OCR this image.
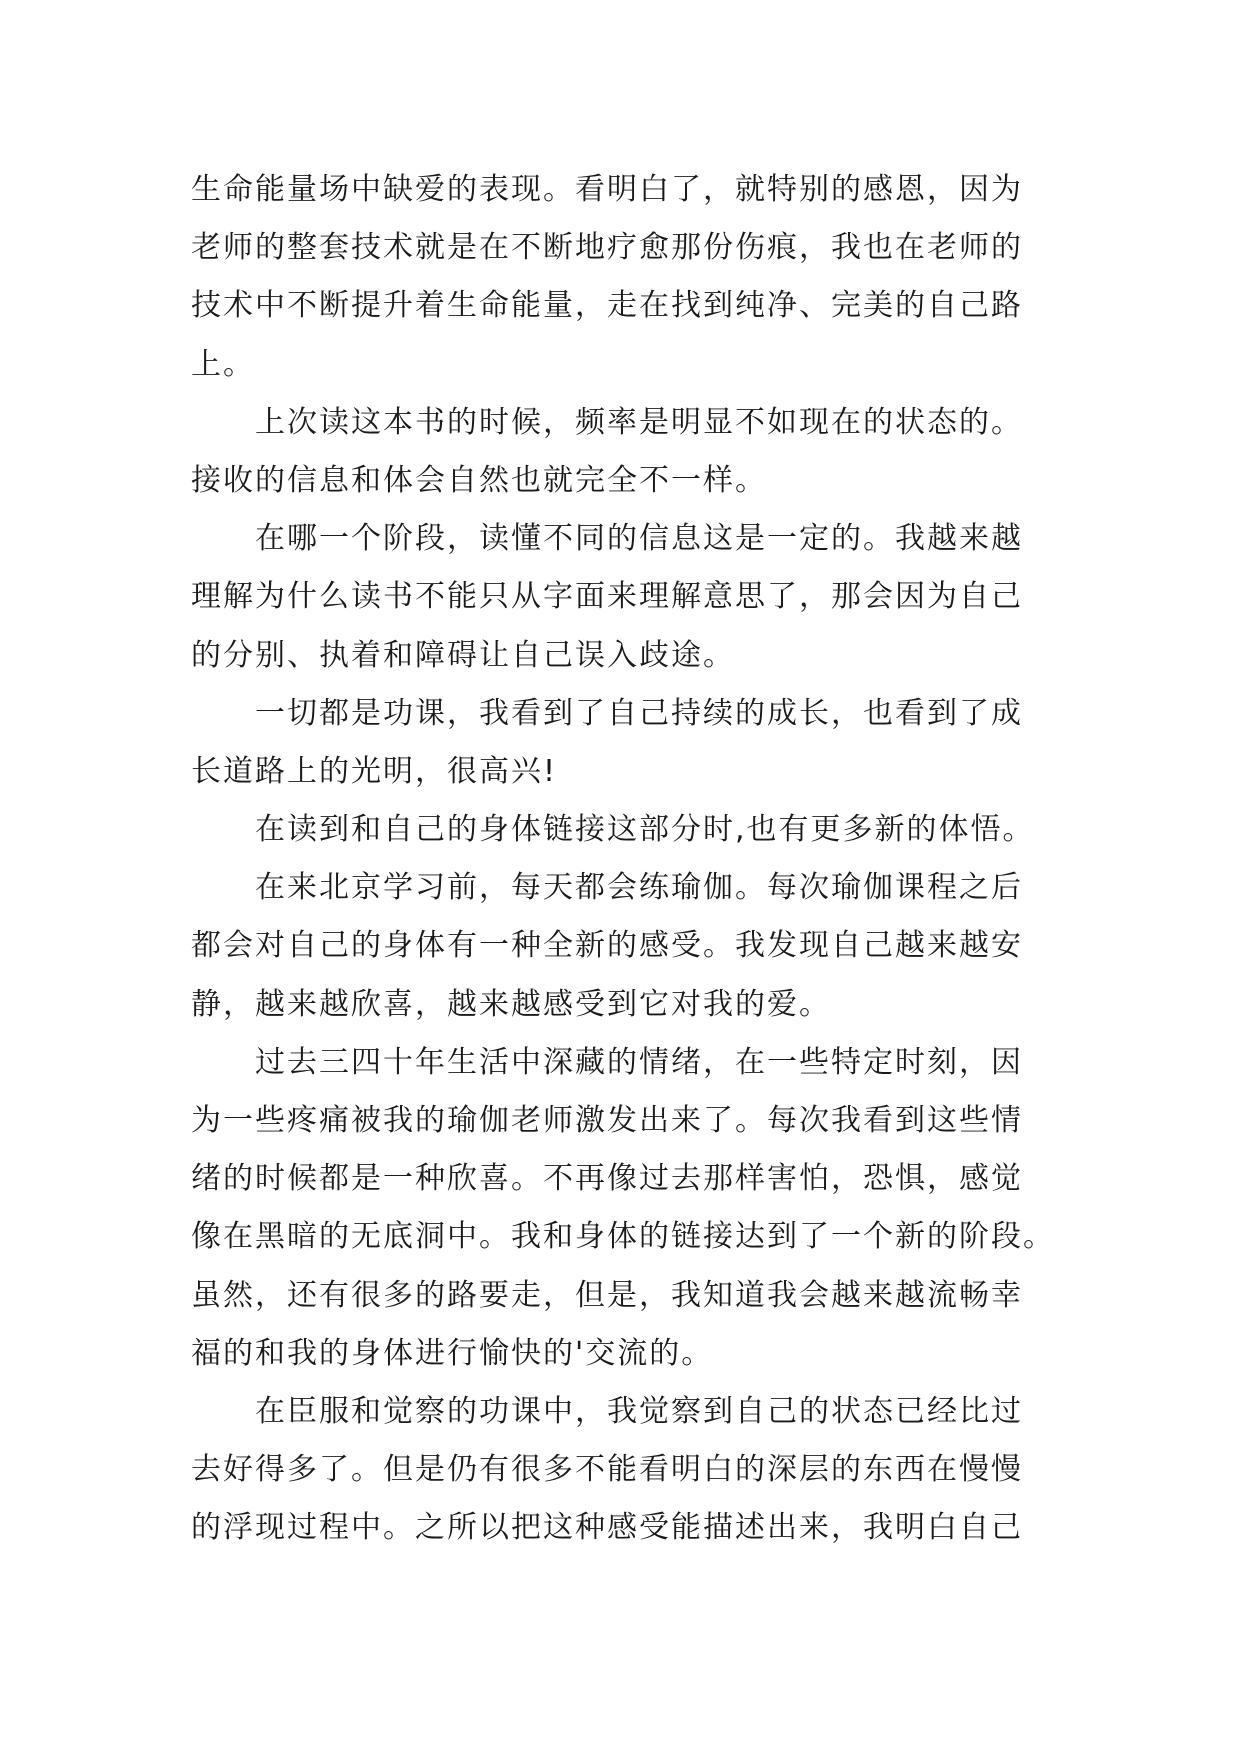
生命能量场中缺爱的表现。看明白了，就特别的感恩，因为
老师的整套技术就是在不断地疗愈那份伤痕，我也在老师的
技术中不断提升着生命能量，走在找到纯净、完美的自己路
上。
上次读这本书的时候，频率是明显不如现在的状态的。
接收的信息和体会自然也就完全不一样。
在哪一个阶段，读懂不同的信息这是一定的。我越来越
理解为什么读书不能只从字面来理解意思了，那会因为自己
的分别、执着和障碍让自己误入歧途。
一切都是功课，我看到了自己持续的成长，也看到了成
长道路上的光明，很高兴!
在读到和自己的身体链接这部分时,也有更多新的体悟。
在来北京学习前，每天都会练瑜伽。每次瑜伽课程之后
都会对自己的身体有一种全新的感受。我发现自己越来越安
静，越来越欣喜，越来越感受到它对我的爱。
过去三四十年生活中深藏的情绪，在一些特定时刻，因
为一些疼痛被我的瑜伽老师激发出来了。每次我看到这些情
绪的时候都是一种欣喜。不再像过去那样害怕，恐惧，感觉
像在黑暗的无底洞中。我和身体的链接达到了一个新的阶段。
虽然，还有很多的路要走，但是，我知道我会越来越流畅幸
福的和我的身体进行愉快的'交流的。
在臣服和觉察的功课中，我觉察到自己的状态已经比过
去好得多了。但是仍有很多不能看明白的深层的东西在慢慢
的浮现过程中。之所以把这种感受能描述出来，我明白自己
